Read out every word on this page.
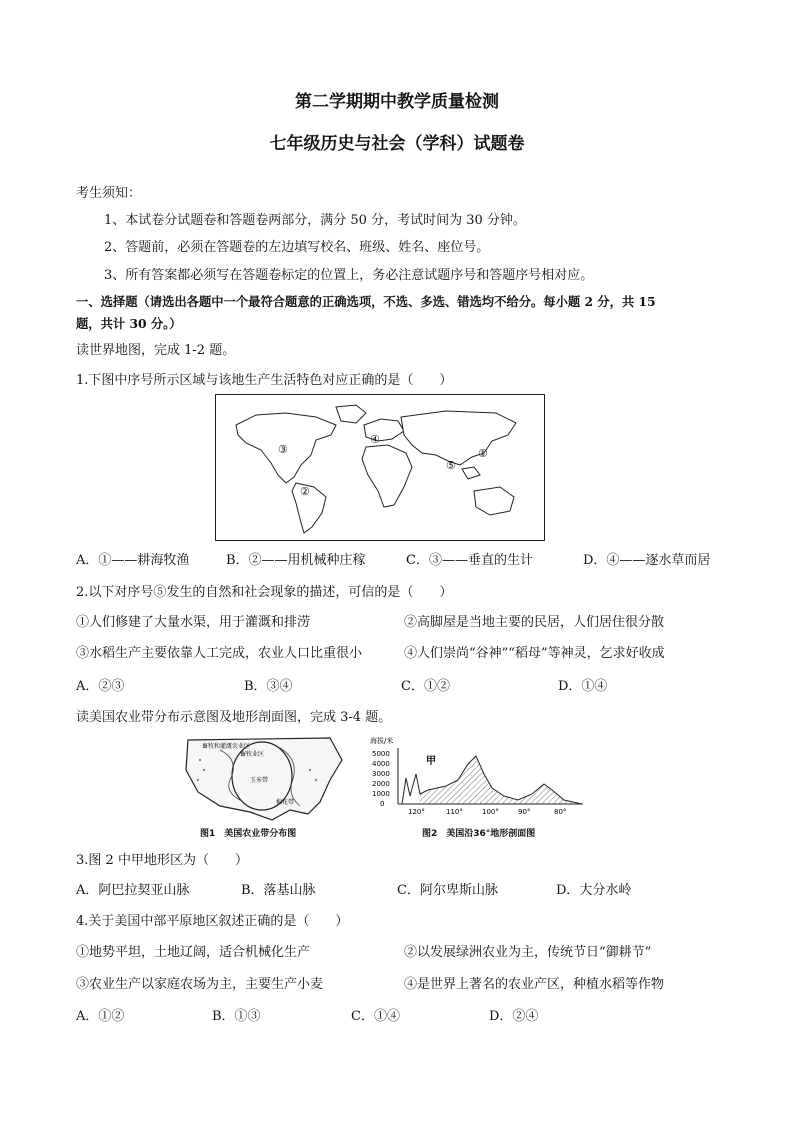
第二学期期中教学质量检测
七年级历史与社会（学科）试题卷
考生须知：
1、本试卷分试题卷和答题卷两部分，满分 50 分，考试时间为 30 分钟。
2、答题前，必须在答题卷的左边填写校名、班级、姓名、座位号。
3、所有答案都必须写在答题卷标定的位置上，务必注意试题序号和答题序号相对应。
一、选择题（请选出各题中一个最符合题意的正确选项，不选、多选、错选均不给分。每小题 2 分，共 15
题，共计 30 分。）
读世界地图，完成 1-2 题。
1.下图中序号所示区域与该地生产生活特色对应正确的是（　　）
①
②
③
④
⑤
A．①——耕海牧渔	B．②——用机械种庄稼	C．③——垂直的生计	D．④——逐水草而居
2.以下对序号⑤发生的自然和社会现象的描述，可信的是（　　）
①人们修建了大量水渠，用于灌溉和排涝	②高脚屋是当地主要的民居，人们居住很分散
③水稻生产主要依靠人工完成，农业人口比重很小	④人们崇尚“谷神”“稻母”等神灵，乞求好收成
A．②③	B．③④	C．①②	D．①④
读美国农业带分布示意图及地形剖面图，完成 3-4 题。
畜牧和灌溉农业区
畜牧业区
玉米带
棉花带
图1　美国农业带分布图
海拔/米
5000
4000
3000
2000
1000
0
甲
120°	110°	100°	90°	80°
图2　美国沿36°地形剖面图
3.图 2 中甲地形区为（　　）
A．阿巴拉契亚山脉	B．落基山脉	C．阿尔卑斯山脉	D．大分水岭
4.关于美国中部平原地区叙述正确的是（　　）
①地势平坦，土地辽阔，适合机械化生产	②以发展绿洲农业为主，传统节日“御耕节”
③农业生产以家庭农场为主，主要生产小麦	④是世界上著名的农业产区，种植水稻等作物
A．①②	B．①③	C．①④	D．②④
